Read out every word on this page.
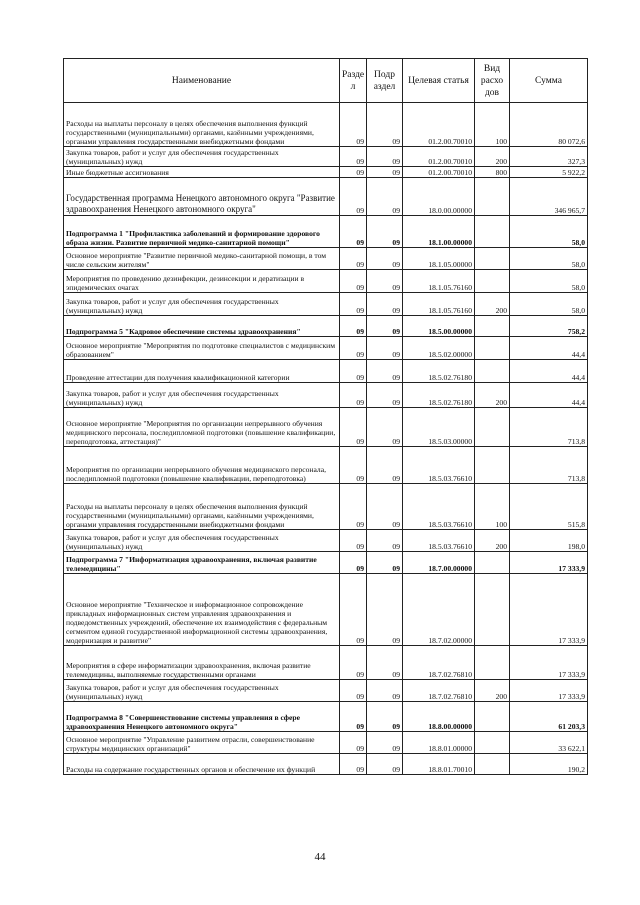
Наименование	Разде л	Подр аздел	Целевая статья	Вид расхо дов	Сумма
Расходы на выплаты персоналу в целях обеспечения выполнения функций государственными (муниципальными) органами, казёнными учреждениями, органами управления государственными внебюджетными фондами	09	09	01.2.00.70010	100	80 072,6
Закупка товаров, работ и услуг для обеспечения государственных (муниципальных) нужд	09	09	01.2.00.70010	200	327,3
Иные бюджетные ассигнования	09	09	01.2.00.70010	800	5 922,2
Государственная программа Ненецкого автономного округа "Развитие здравоохранения Ненецкого автономного округа"	09	09	18.0.00.00000		346 965,7
Подпрограмма 1 "Профилактика заболеваний и формирование здорового образа жизни. Развитие первичной медико-санитарной помощи"	09	09	18.1.00.00000		58,0
Основное мероприятие "Развитие первичной медико-санитарной помощи, в том числе сельским жителям"	09	09	18.1.05.00000		58,0
Мероприятия по проведению дезинфекции, дезинсекции и дератизации в эпидемических очагах	09	09	18.1.05.76160		58,0
Закупка товаров, работ и услуг для обеспечения государственных (муниципальных) нужд	09	09	18.1.05.76160	200	58,0
Подпрограмма 5 "Кадровое обеспечение системы здравоохранения"	09	09	18.5.00.00000		758,2
Основное мероприятие "Мероприятия по подготовке специалистов с медицинским образованием"	09	09	18.5.02.00000		44,4
Проведение аттестации для получения квалификационной категории	09	09	18.5.02.76180		44,4
Закупка товаров, работ и услуг для обеспечения государственных (муниципальных) нужд	09	09	18.5.02.76180	200	44,4
Основное мероприятие "Мероприятия по организации непрерывного обучения медицинского персонала, последипломной подготовки (повышение квалификации, переподготовка, аттестация)"	09	09	18.5.03.00000		713,8
Мероприятия по организации непрерывного обучения медицинского персонала, последипломной подготовки (повышение квалификации, переподготовка)	09	09	18.5.03.76610		713,8
Расходы на выплаты персоналу в целях обеспечения выполнения функций государственными (муниципальными) органами, казёнными учреждениями, органами управления государственными внебюджетными фондами	09	09	18.5.03.76610	100	515,8
Закупка товаров, работ и услуг для обеспечения государственных (муниципальных) нужд	09	09	18.5.03.76610	200	198,0
Подпрограмма 7 "Информатизация здравоохранения, включая развитие телемедицины"	09	09	18.7.00.00000		17 333,9
Основное мероприятие "Техническое и информационное сопровождение прикладных информационных систем управления здравоохранения и подведомственных учреждений, обеспечение их взаимодействия с федеральным сегментом единой государственной информационной системы здравоохранения, модернизация и развитие"	09	09	18.7.02.00000		17 333,9
Мероприятия в сфере информатизации здравоохранения, включая развитие телемедицины, выполняемые государственными органами	09	09	18.7.02.76810		17 333,9
Закупка товаров, работ и услуг для обеспечения государственных (муниципальных) нужд	09	09	18.7.02.76810	200	17 333,9
Подпрограмма 8 "Совершенствование системы управления в сфере здравоохранения Ненецкого автономного округа"	09	09	18.8.00.00000		61 203,3
Основное мероприятие "Управление развитием отрасли, совершенствование структуры медицинских организаций"	09	09	18.8.01.00000		33 622,1
Расходы на содержание государственных органов и обеспечение их функций	09	09	18.8.01.70010		190,2
44
